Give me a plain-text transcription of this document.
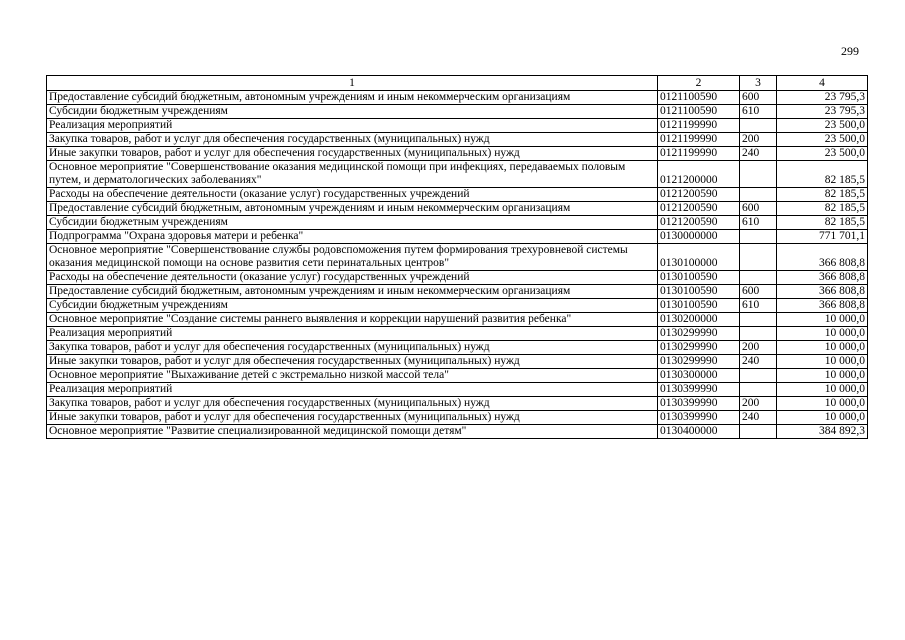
299
1	2	3	4
Предоставление субсидий бюджетным, автономным учреждениям и иным некоммерческим организациям	0121100590	600	23 795,3
Субсидии бюджетным учреждениям	0121100590	610	23 795,3
Реализация мероприятий	0121199990		23 500,0
Закупка товаров, работ и услуг для обеспечения государственных (муниципальных) нужд	0121199990	200	23 500,0
Иные закупки товаров, работ и услуг для обеспечения государственных (муниципальных) нужд	0121199990	240	23 500,0
Основное мероприятие "Совершенствование оказания медицинской помощи при инфекциях, передаваемых половым путем, и дерматологических заболеваниях"	0121200000		82 185,5
Расходы на обеспечение деятельности (оказание услуг) государственных учреждений	0121200590		82 185,5
Предоставление субсидий бюджетным, автономным учреждениям и иным некоммерческим организациям	0121200590	600	82 185,5
Субсидии бюджетным учреждениям	0121200590	610	82 185,5
Подпрограмма "Охрана здоровья матери и ребенка"	0130000000		771 701,1
Основное мероприятие "Совершенствование службы родовспоможения путем формирования трехуровневой системы оказания медицинской помощи на основе развития сети перинатальных центров"	0130100000		366 808,8
Расходы на обеспечение деятельности (оказание услуг) государственных учреждений	0130100590		366 808,8
Предоставление субсидий бюджетным, автономным учреждениям и иным некоммерческим организациям	0130100590	600	366 808,8
Субсидии бюджетным учреждениям	0130100590	610	366 808,8
Основное мероприятие "Создание системы раннего выявления и коррекции нарушений развития ребенка"	0130200000		10 000,0
Реализация мероприятий	0130299990		10 000,0
Закупка товаров, работ и услуг для обеспечения государственных (муниципальных) нужд	0130299990	200	10 000,0
Иные закупки товаров, работ и услуг для обеспечения государственных (муниципальных) нужд	0130299990	240	10 000,0
Основное мероприятие "Выхаживание детей с экстремально низкой массой тела"	0130300000		10 000,0
Реализация мероприятий	0130399990		10 000,0
Закупка товаров, работ и услуг для обеспечения государственных (муниципальных) нужд	0130399990	200	10 000,0
Иные закупки товаров, работ и услуг для обеспечения государственных (муниципальных) нужд	0130399990	240	10 000,0
Основное мероприятие "Развитие специализированной медицинской помощи детям"	0130400000		384 892,3
